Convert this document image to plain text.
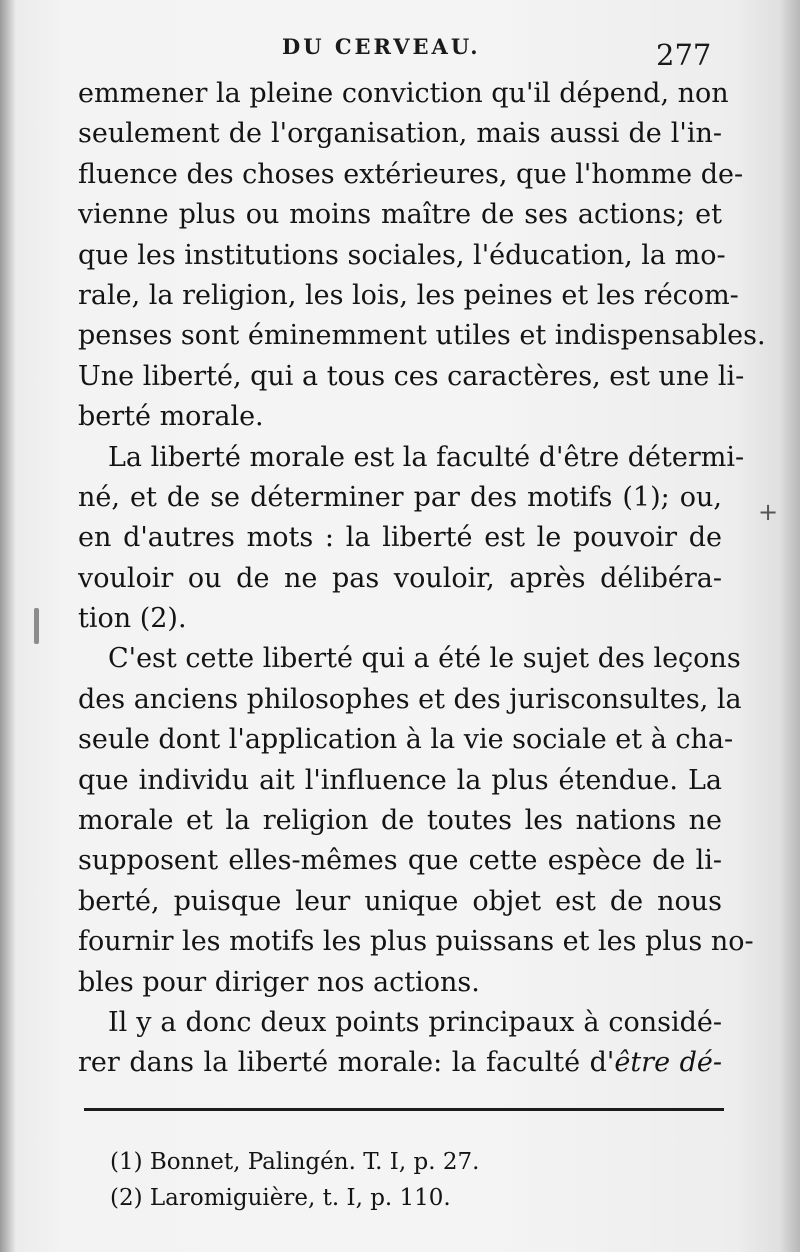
DU CERVEAU.	277
emmener la pleine conviction qu'il dépend, non
seulement de l'organisation, mais aussi de l'in-
fluence des choses extérieures, que l'homme de-
vienne plus ou moins maître de ses actions; et
que les institutions sociales, l'éducation, la mo-
rale, la religion, les lois, les peines et les récom-
penses sont éminemment utiles et indispensables.
Une liberté, qui a tous ces caractères, est une li-
berté morale.
La liberté morale est la faculté d'être détermi-
né, et de se déterminer par des motifs (1); ou,
en d'autres mots : la liberté est le pouvoir de
vouloir ou de ne pas vouloir, après délibéra-
tion (2).
C'est cette liberté qui a été le sujet des leçons
des anciens philosophes et des jurisconsultes, la
seule dont l'application à la vie sociale et à cha-
que individu ait l'influence la plus étendue. La
morale et la religion de toutes les nations ne
supposent elles-mêmes que cette espèce de li-
berté, puisque leur unique objet est de nous
fournir les motifs les plus puissans et les plus no-
bles pour diriger nos actions.
Il y a donc deux points principaux à considé-
rer dans la liberté morale: la faculté d'être dé-
+
(1) Bonnet, Palingén. T. I, p. 27.
(2) Laromiguière, t. I, p. 110.
